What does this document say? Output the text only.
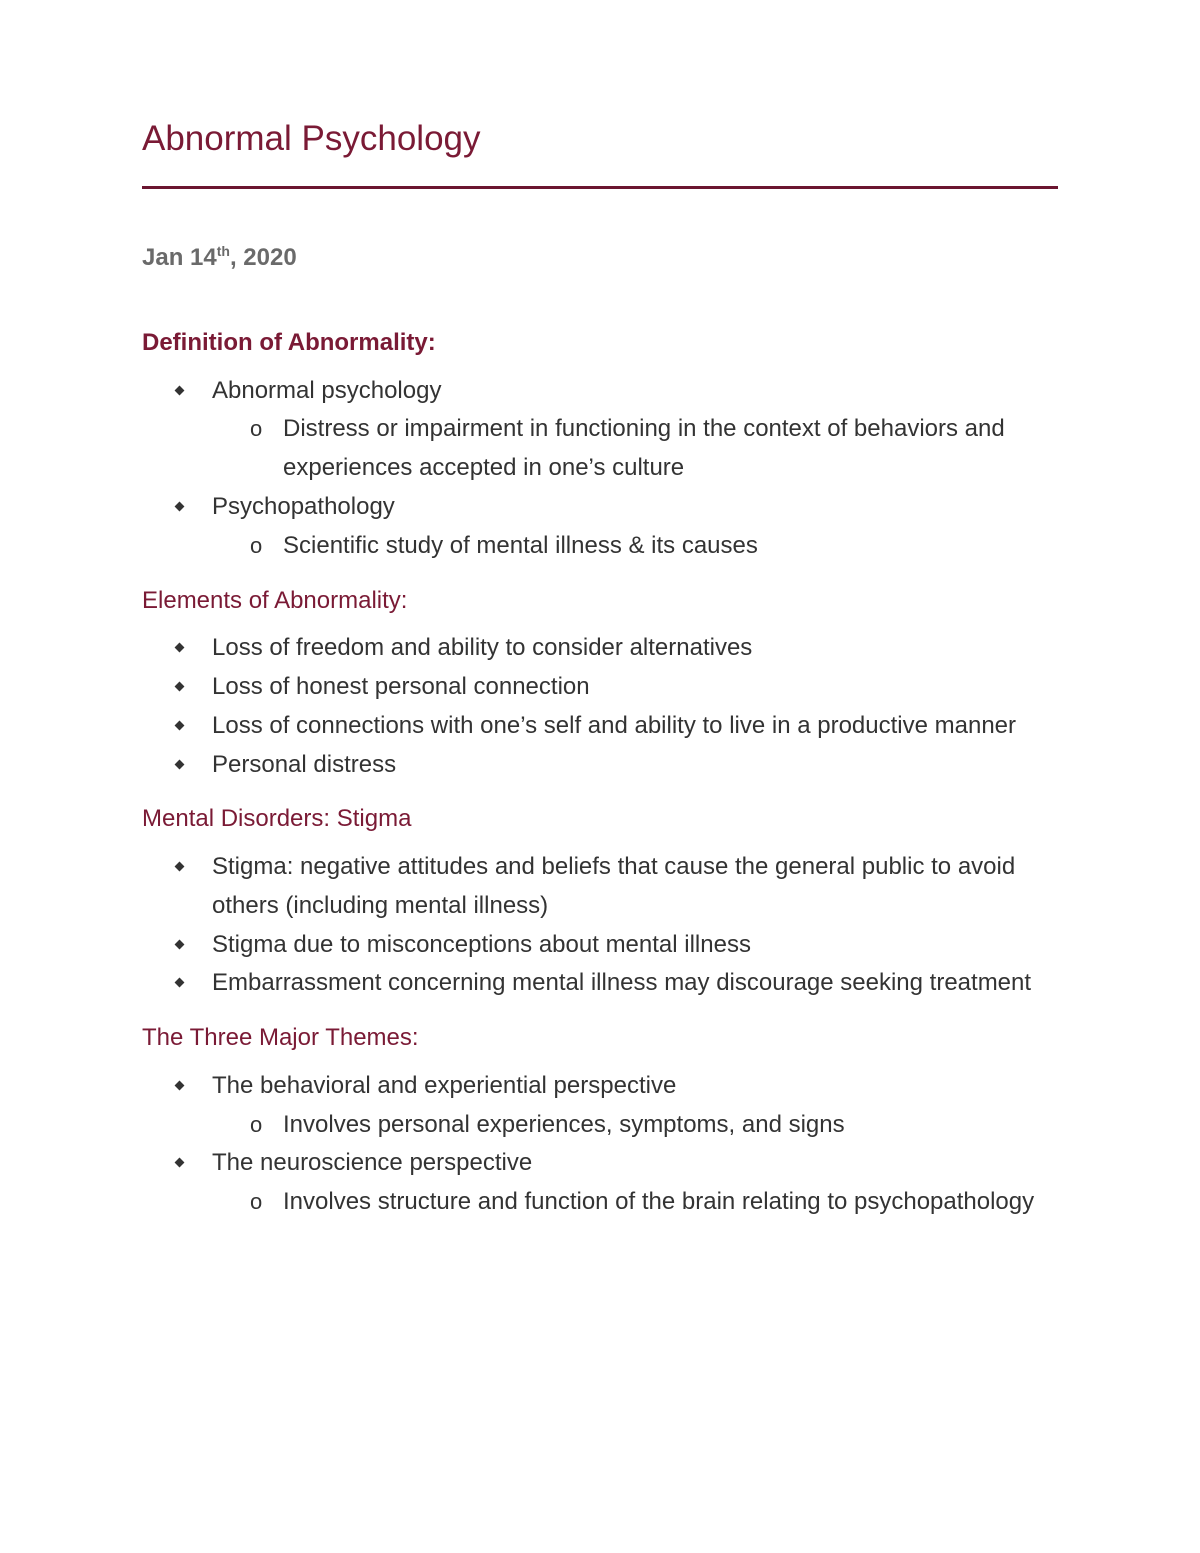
Abnormal Psychology

Jan 14th, 2020

Definition of Abnormality:

Abnormal psychology
o Distress or impairment in functioning in the context of behaviors and experiences accepted in one’s culture
Psychopathology
o Scientific study of mental illness & its causes

Elements of Abnormality:

Loss of freedom and ability to consider alternatives
Loss of honest personal connection
Loss of connections with one’s self and ability to live in a productive manner
Personal distress

Mental Disorders: Stigma

Stigma: negative attitudes and beliefs that cause the general public to avoid others (including mental illness)
Stigma due to misconceptions about mental illness
Embarrassment concerning mental illness may discourage seeking treatment

The Three Major Themes:

The behavioral and experiential perspective
o Involves personal experiences, symptoms, and signs
The neuroscience perspective
o Involves structure and function of the brain relating to psychopathology
